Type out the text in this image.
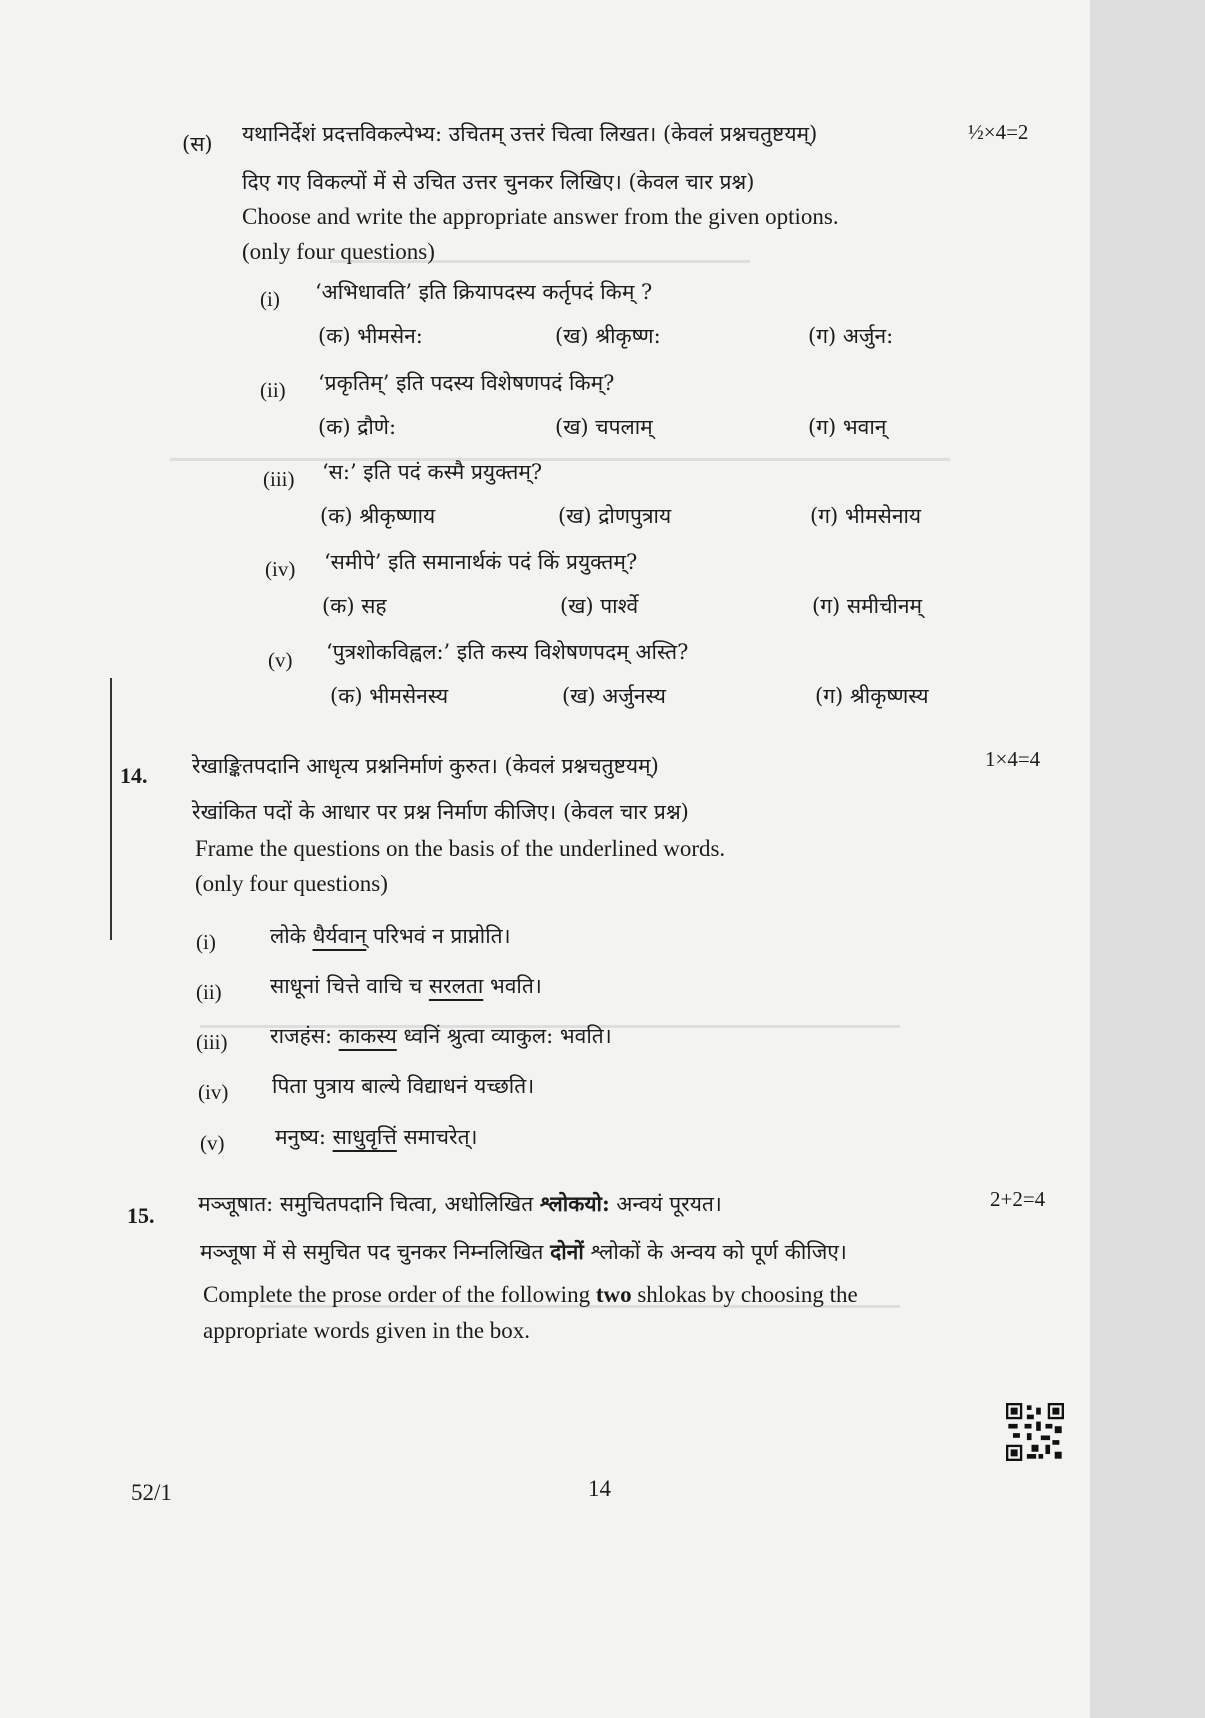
(स) यथानिर्देशं प्रदत्तविकल्पेभ्य: उचितम् उत्तरं चित्वा लिखत। (केवलं प्रश्नचतुष्टयम्)	½×4=2
दिए गए विकल्पों में से उचित उत्तर चुनकर लिखिए। (केवल चार प्रश्न)
Choose and write the appropriate answer from the given options.
(only four questions)
(i) ‘अभिधावति’ इति क्रियापदस्य कर्तृपदं किम् ?
(क) भीमसेन:	(ख) श्रीकृष्ण:	(ग) अर्जुन:
(ii) ‘प्रकृतिम्’ इति पदस्य विशेषणपदं किम्?
(क) द्रौणे:	(ख) चपलाम्	(ग) भवान्
(iii) ‘स:’ इति पदं कस्मै प्रयुक्तम्?
(क) श्रीकृष्णाय	(ख) द्रोणपुत्राय	(ग) भीमसेनाय
(iv) ‘समीपे’ इति समानार्थकं पदं किं प्रयुक्तम्?
(क) सह	(ख) पार्श्वे	(ग) समीचीनम्
(v) ‘पुत्रशोकविह्वल:’ इति कस्य विशेषणपदम् अस्ति?
(क) भीमसेनस्य	(ख) अर्जुनस्य	(ग) श्रीकृष्णस्य
14. रेखाङ्कितपदानि आधृत्य प्रश्ननिर्माणं कुरुत। (केवलं प्रश्नचतुष्टयम्)	1×4=4
रेखांकित पदों के आधार पर प्रश्न निर्माण कीजिए। (केवल चार प्रश्न)
Frame the questions on the basis of the underlined words.
(only four questions)
(i)	लोके धैर्यवान् परिभवं न प्राप्नोति।
(ii) साधूनां चित्ते वाचि च सरलता भवति।
(iii) राजहंस: काकस्य ध्वनिं श्रुत्वा व्याकुल: भवति।
(iv) पिता पुत्राय बाल्ये विद्याधनं यच्छति।
(v) मनुष्य: साधुवृत्तिं समाचरेत्।
15. मञ्जूषात: समुचितपदानि चित्वा, अधोलिखित श्लोकयो: अन्वयं पूरयत।	2+2=4
मञ्जूषा में से समुचित पद चुनकर निम्नलिखित दोनों श्लोकों के अन्वय को पूर्ण कीजिए।
Complete the prose order of the following two shlokas by choosing the
appropriate words given in the box.
52/1	14
